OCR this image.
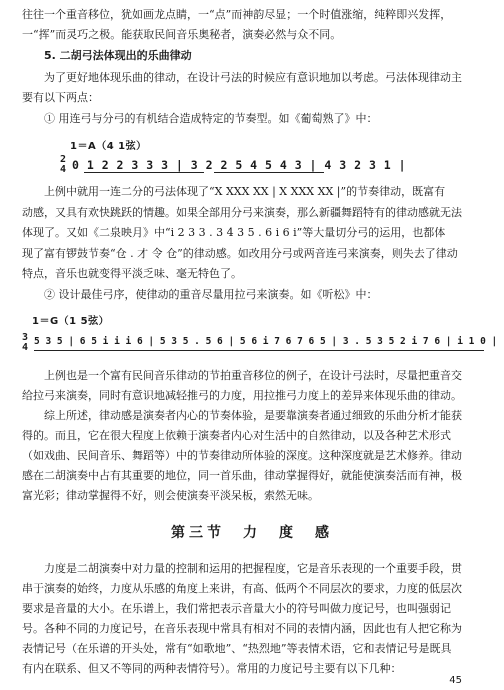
往往一个重音移位，犹如画龙点睛，一“点”而神韵尽显；一个时值涨缩，纯粹即兴发挥，
一“挥”而灵巧之极。能获取民间音乐奥秘者，演奏必然与众不同。
5. 二胡弓法体现出的乐曲律动
为了更好地体现乐曲的律动，在设计弓法的时候应有意识地加以考虑。弓法体现律动主
要有以下两点：
① 用连弓与分弓的有机结合造成特定的节奏型。如《葡萄熟了》中：
1＝A（4 1弦）
2
4 0 1 2 2 3 3 3 | 3 2 2 5 4 5 4 3 | 4 3 2 3 1 |
上例中就用一连二分的弓法体现了“X XXX XX | X XXX XX |”的节奏律动，既富有
动感，又具有欢快跳跃的情趣。如果全部用分弓来演奏，那么新疆舞蹈特有的律动感就无法
体现了。又如《二泉映月》中“i 2 3 3 . 3 4 3 5 . 6 i 6 i”等大量切分弓的运用，也都体
现了富有锣鼓节奏“仓 . 才 令 仓”的律动感。如改用分弓或两音连弓来演奏，则失去了律动
特点，音乐也就变得平淡乏味、毫无特色了。
② 设计最佳弓序，使律动的重音尽量用拉弓来演奏。如《听松》中：
1＝G（1 5弦）
3
4
5 3 5 | 6 5 i i i 6 | 5 3 5 . 5 6 | 5 6 i 7 6 7 6 5 | 3 . 5 3 5 2 i 7 6 | i 1 0 |
上例也是一个富有民间音乐律动的节拍重音移位的例子，在设计弓法时，尽量把重音交
给拉弓来演奏，同时有意识地减轻推弓的力度，用拉推弓力度上的差异来体现乐曲的律动。
综上所述，律动感是演奏者内心的节奏体验，是要靠演奏者通过细致的乐曲分析才能获
得的。而且，它在很大程度上依赖于演奏者内心对生活中的自然律动，以及各种艺术形式
（如戏曲、民间音乐、舞蹈等）中的节奏律动所体验的深度。这种深度就是艺术修养。律动
感在二胡演奏中占有其重要的地位，同一首乐曲，律动掌握得好，就能使演奏活而有神，极
富光彩；律动掌握得不好，则会使演奏平淡呆板，索然无味。
第三节　力　度　感
力度是二胡演奏中对力量的控制和运用的把握程度，它是音乐表现的一个重要手段，贯
串于演奏的始终，力度从乐感的角度上来讲，有高、低两个不同层次的要求，力度的低层次
要求是音量的大小。在乐谱上，我们常把表示音量大小的符号叫做力度记号，也叫强弱记
号。各种不同的力度记号，在音乐表现中常具有相对不同的表情内涵，因此也有人把它称为
表情记号（在乐谱的开头处，常有“如歌地”、“热烈地”等表情术语，它和表情记号是既具
有内在联系、但又不等同的两种表情符号）。常用的力度记号主要有以下几种：
45
